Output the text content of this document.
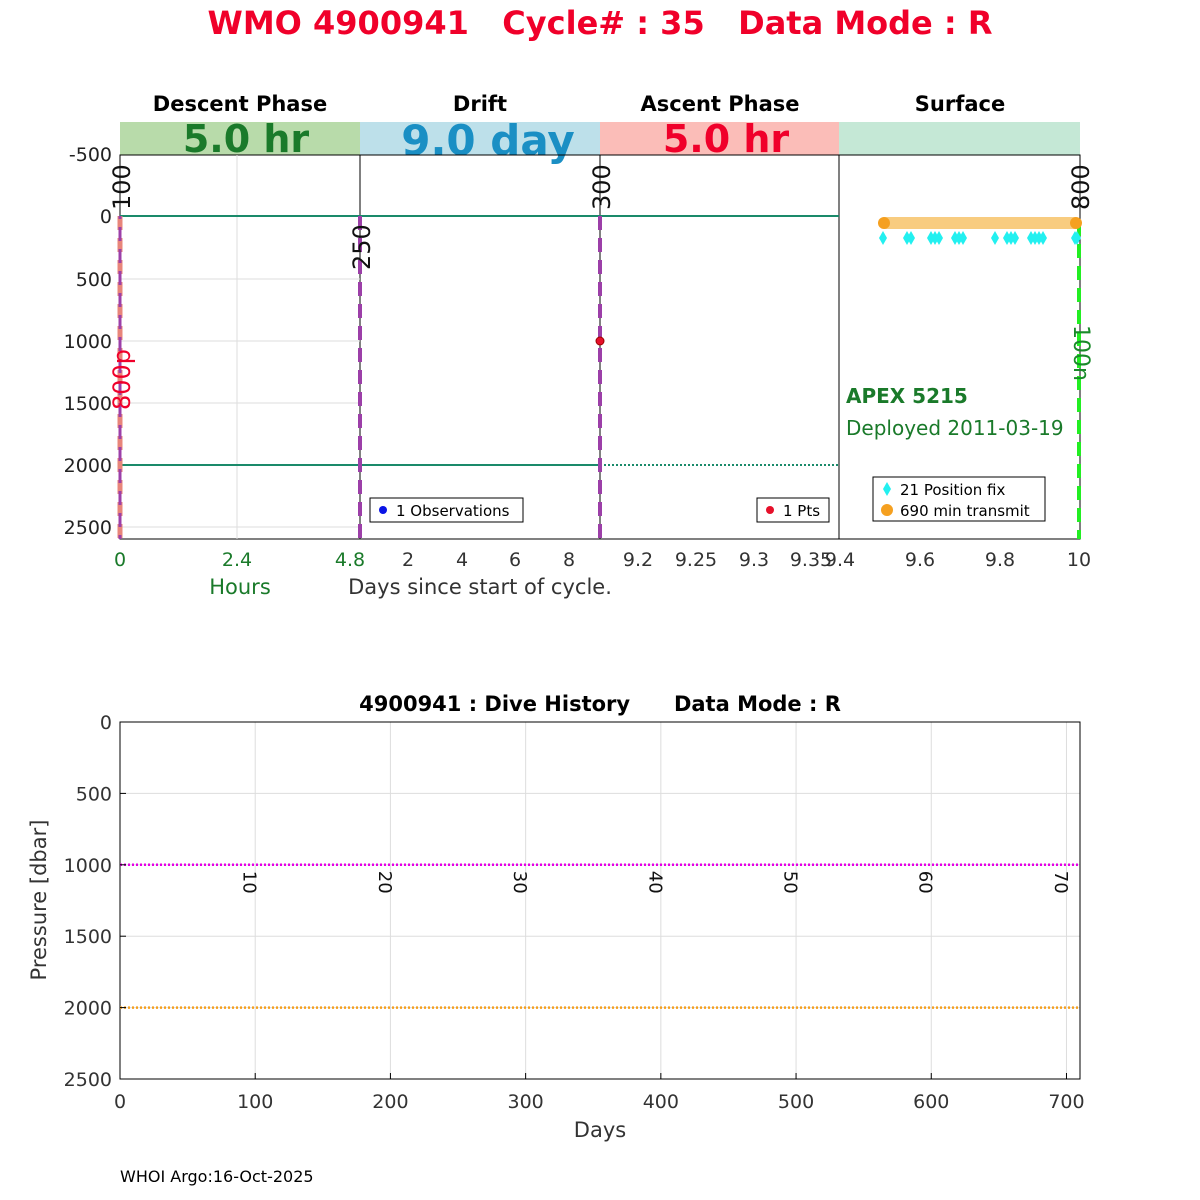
WMO 4900941   Cycle# : 35   Data Mode : R
Descent Phase	Drift	Ascent Phase	Surface
5.0 hr 9.0 day 5.0 hr
-500
0
500
1000
1500
2000
2500
100
250
300	800
800p	100n
APEX 5215
Deployed 2011-03-19
1 Observations	1 Pts
21 Position fix
690 min transmit
0	2.4	4.8 2 4 6 8	9.2 9.25 9.3 9.35
9.4	9.6	9.8	10
Hours	Days since start of cycle.
4900941 : Dive History      Data Mode : R
10	20	30	40	50	60	70
0	100	200	300	400	500	600	700
0
500
1000
1500
2000
2500
Days
Pressure [dbar]
WHOI Argo:16-Oct-2025
